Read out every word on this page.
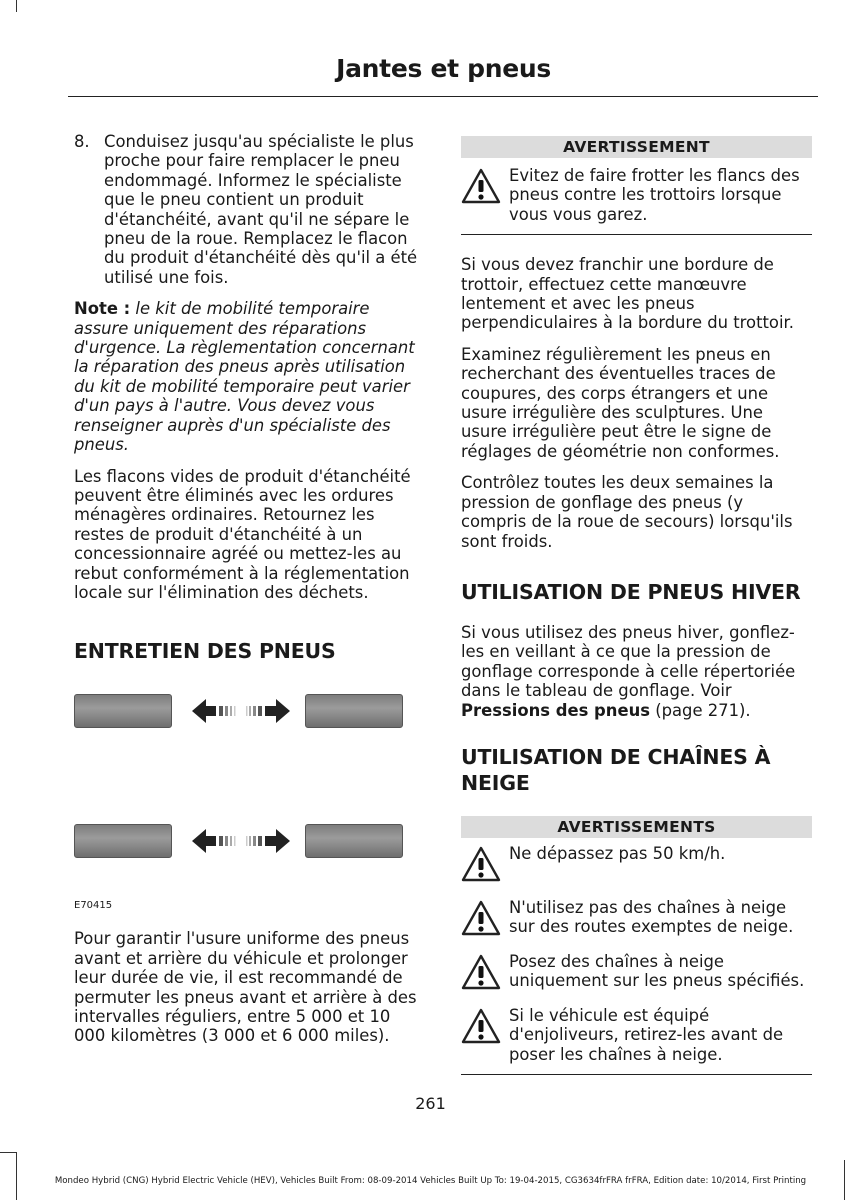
Jantes et pneus
8. Conduisez jusqu'au spécialiste le plus proche pour faire remplacer le pneu endommagé. Informez le spécialiste que le pneu contient un produit d'étanchéité, avant qu'il ne sépare le pneu de la roue. Remplacez le flacon du produit d'étanchéité dès qu'il a été utilisé une fois.

Note : le kit de mobilité temporaire assure uniquement des réparations d'urgence. La règlementation concernant la réparation des pneus après utilisation du kit de mobilité temporaire peut varier d'un pays à l'autre. Vous devez vous renseigner auprès d'un spécialiste des pneus.

Les flacons vides de produit d'étanchéité peuvent être éliminés avec les ordures ménagères ordinaires. Retournez les restes de produit d'étanchéité à un concessionnaire agréé ou mettez-les au rebut conformément à la réglementation locale sur l'élimination des déchets.

ENTRETIEN DES PNEUS
E70415

Pour garantir l'usure uniforme des pneus avant et arrière du véhicule et prolonger leur durée de vie, il est recommandé de permuter les pneus avant et arrière à des intervalles réguliers, entre 5 000 et 10 000 kilomètres (3 000 et 6 000 miles).

AVERTISSEMENT
Evitez de faire frotter les flancs des pneus contre les trottoirs lorsque vous vous garez.

Si vous devez franchir une bordure de trottoir, effectuez cette manœuvre lentement et avec les pneus perpendiculaires à la bordure du trottoir.

Examinez régulièrement les pneus en recherchant des éventuelles traces de coupures, des corps étrangers et une usure irrégulière des sculptures. Une usure irrégulière peut être le signe de réglages de géométrie non conformes.

Contrôlez toutes les deux semaines la pression de gonflage des pneus (y compris de la roue de secours) lorsqu'ils sont froids.

UTILISATION DE PNEUS HIVER

Si vous utilisez des pneus hiver, gonflez-les en veillant à ce que la pression de gonflage corresponde à celle répertoriée dans le tableau de gonflage. Voir Pressions des pneus (page 271).

UTILISATION DE CHAÎNES À NEIGE
AVERTISSEMENTS
Ne dépassez pas 50 km/h.
N'utilisez pas des chaînes à neige sur des routes exemptes de neige.
Posez des chaînes à neige uniquement sur les pneus spécifiés.
Si le véhicule est équipé d'enjoliveurs, retirez-les avant de poser les chaînes à neige.
261
Mondeo Hybrid (CNG) Hybrid Electric Vehicle (HEV), Vehicles Built From: 08-09-2014 Vehicles Built Up To: 19-04-2015, CG3634frFRA frFRA, Edition date: 10/2014, First Printing
